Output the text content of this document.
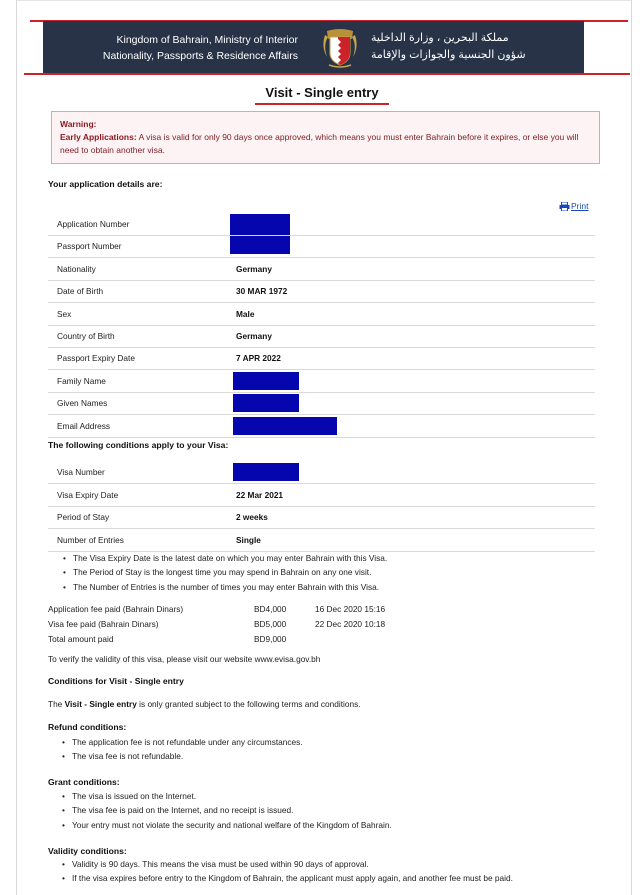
Kingdom of Bahrain, Ministry of Interior
Nationality, Passports & Residence Affairs
مملكة البحرين ، وزارة الداخلية
شؤون الجنسية والجوازات والإقامة
Visit - Single entry
Warning:
Early Applications: A visa is valid for only 90 days once approved, which means you must enter Bahrain before it expires, or else you will need to obtain another visa.
Your application details are:
Print
Application Number
Passport Number
Nationality	Germany
Date of Birth	30 MAR 1972
Sex	Male
Country of Birth	Germany
Passport Expiry Date	7 APR 2022
Family Name
Given Names
Email Address
The following conditions apply to your Visa:
Visa Number
Visa Expiry Date	22 Mar 2021
Period of Stay	2 weeks
Number of Entries	Single
• The Visa Expiry Date is the latest date on which you may enter Bahrain with this Visa.
• The Period of Stay is the longest time you may spend in Bahrain on any one visit.
• The Number of Entries is the number of times you may enter Bahrain with this Visa.
Application fee paid (Bahrain Dinars)	BD4,000	16 Dec 2020 15:16
Visa fee paid (Bahrain Dinars)	BD5,000	22 Dec 2020 10:18
Total amount paid	BD9,000
To verify the validity of this visa, please visit our website www.evisa.gov.bh
Conditions for Visit - Single entry
The Visit - Single entry is only granted subject to the following terms and conditions.
Refund conditions:
• The application fee is not refundable under any circumstances.
• The visa fee is not refundable.
Grant conditions:
• The visa is issued on the Internet.
• The visa fee is paid on the Internet, and no receipt is issued.
• Your entry must not violate the security and national welfare of the Kingdom of Bahrain.
Validity conditions:
• Validity is 90 days. This means the visa must be used within 90 days of approval.
• If the visa expires before entry to the Kingdom of Bahrain, the applicant must apply again, and another fee must be paid.
